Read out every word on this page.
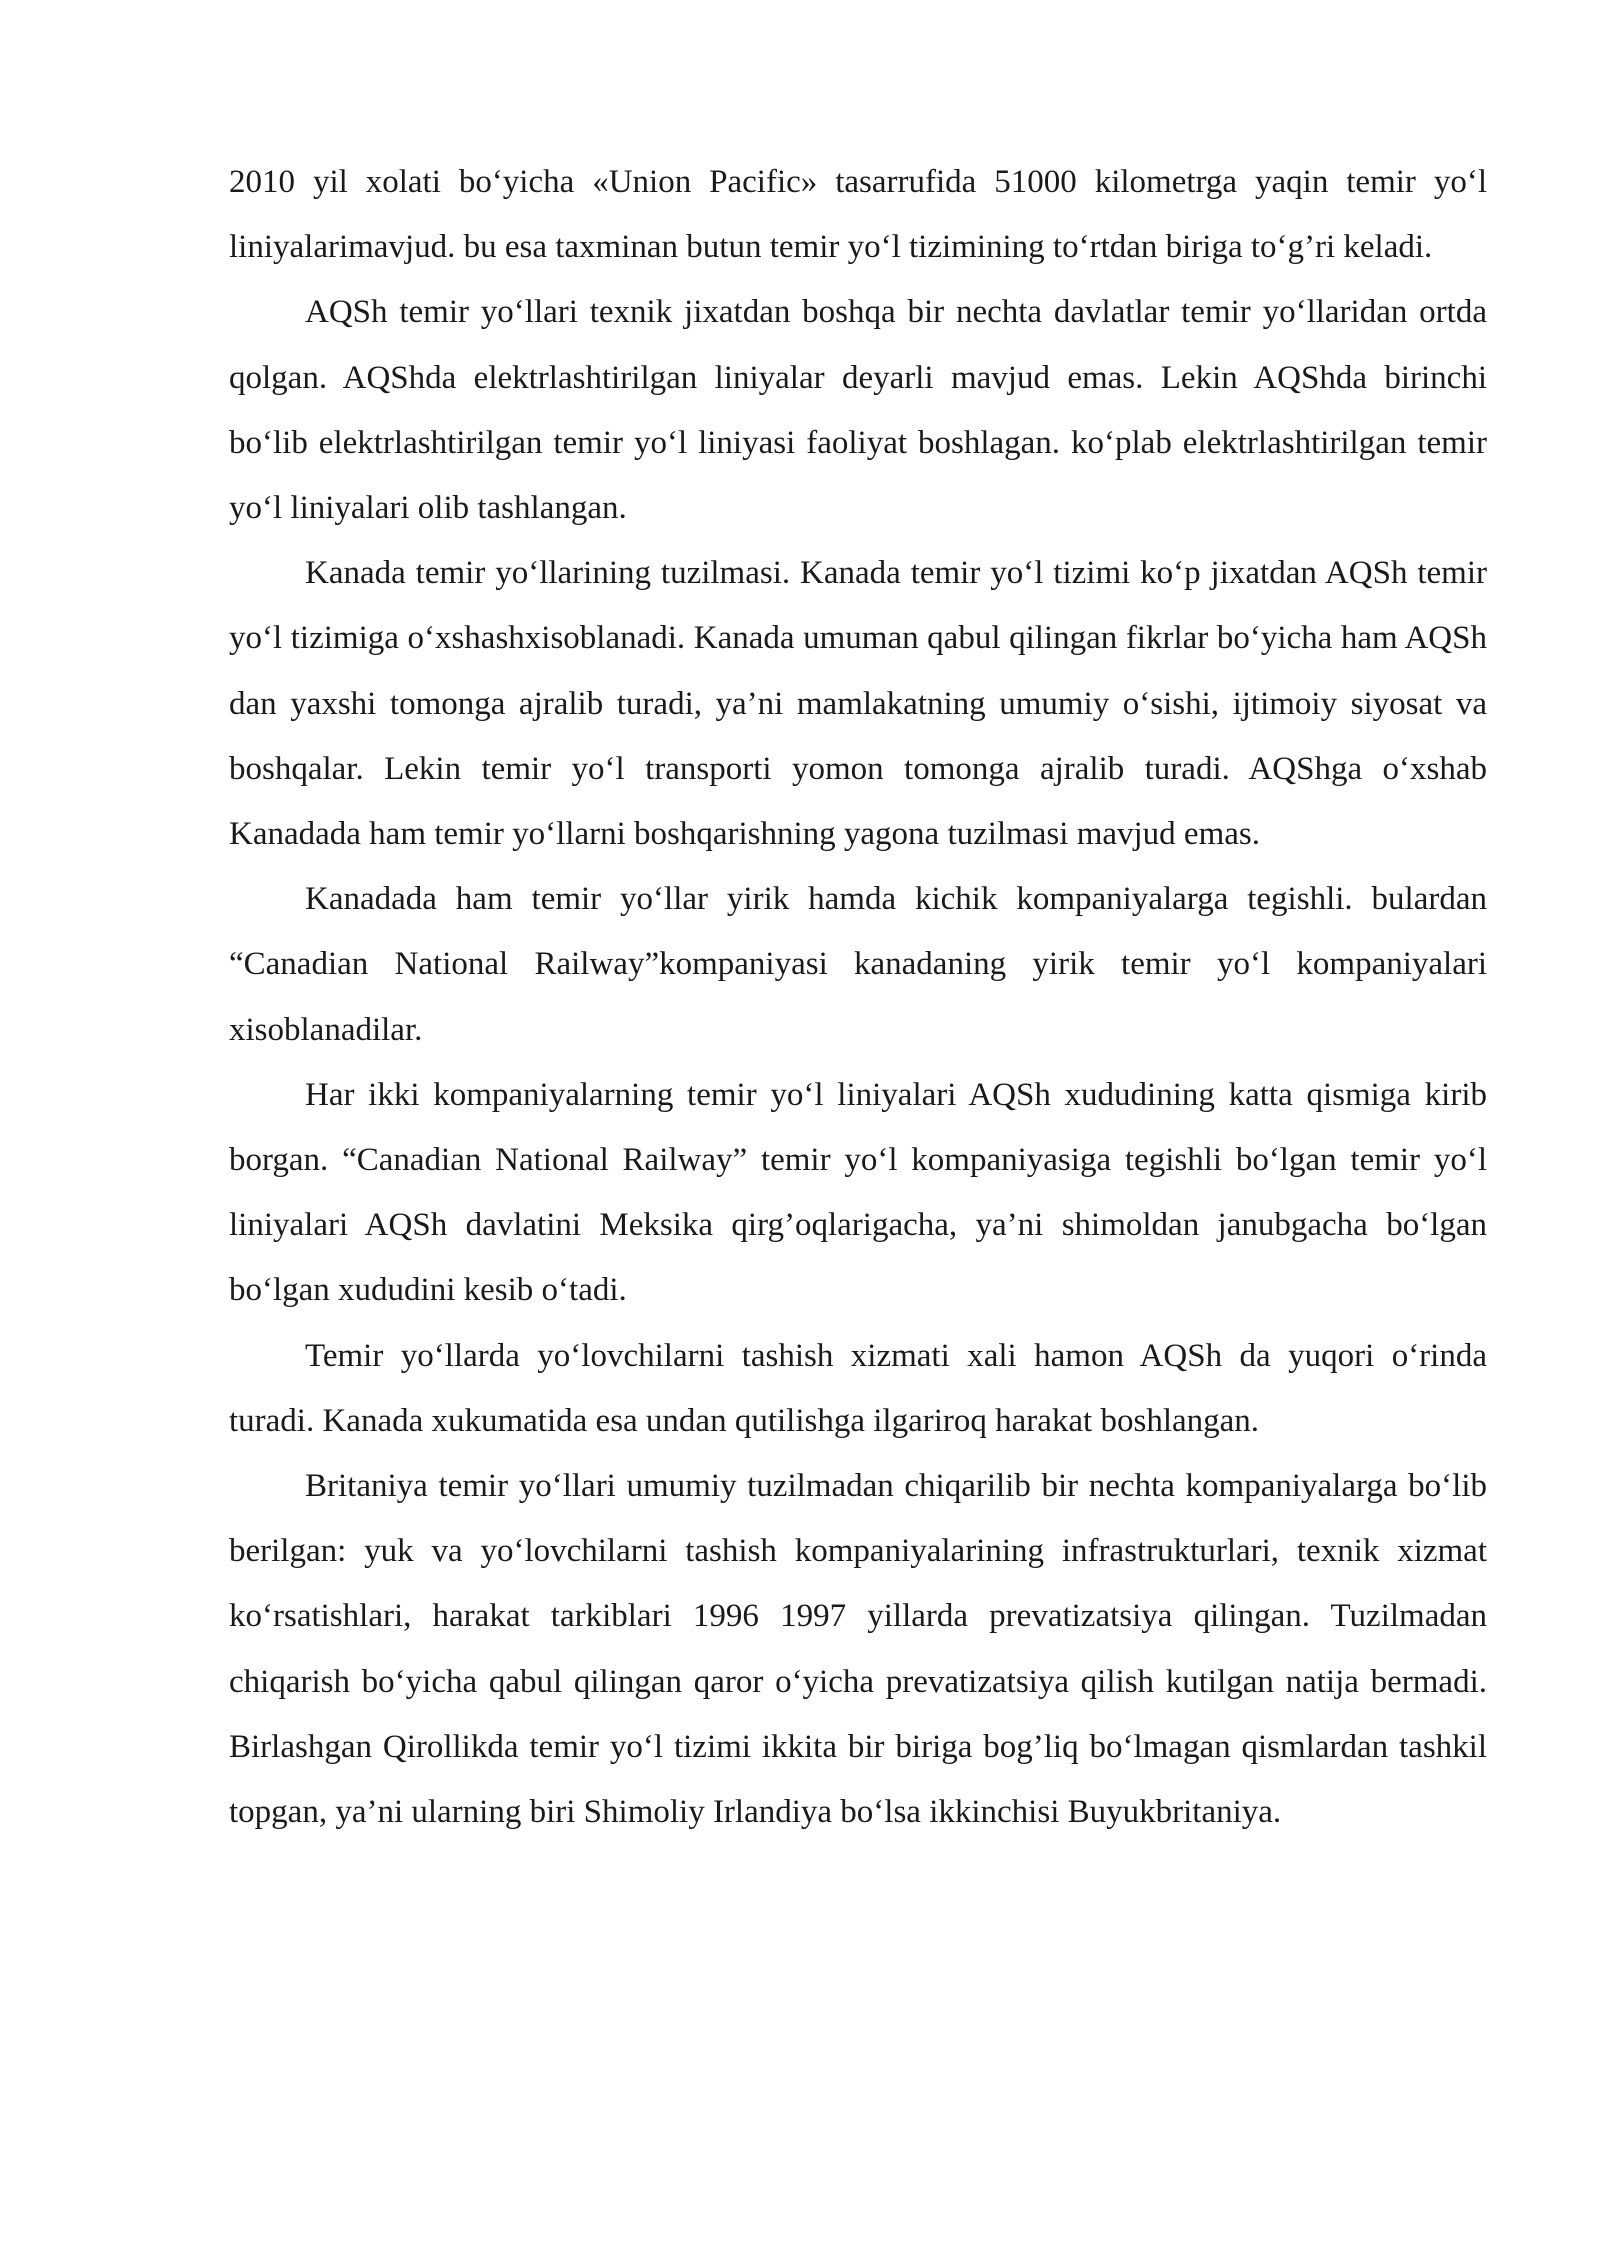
2010 yil xolati bo‘yicha «Union Pacific» tasarrufida 51000 kilometrga yaqin temir yo‘l liniyalarimavjud. bu esa taxminan butun temir yo‘l tizimining to‘rtdan biriga to‘g’ri keladi.

AQSh temir yo‘llari texnik jixatdan boshqa bir nechta davlatlar temir yo‘llaridan ortda qolgan. AQShda elektrlashtirilgan liniyalar deyarli mavjud emas. Lekin AQShda birinchi bo‘lib elektrlashtirilgan temir yo‘l liniyasi faoliyat boshlagan. ko‘plab elektrlashtirilgan temir yo‘l liniyalari olib tashlangan.

Kanada temir yo‘llarining tuzilmasi. Kanada temir yo‘l tizimi ko‘p jixatdan AQSh temir yo‘l tizimiga o‘xshashxisoblanadi. Kanada umuman qabul qilingan fikrlar bo‘yicha ham AQSh dan yaxshi tomonga ajralib turadi, ya’ni mamlakatning umumiy o‘sishi, ijtimoiy siyosat va boshqalar. Lekin temir yo‘l transporti yomon tomonga ajralib turadi. AQShga o‘xshab Kanadada ham temir yo‘llarni boshqarishning yagona tuzilmasi mavjud emas.

Kanadada ham temir yo‘llar yirik hamda kichik kompaniyalarga tegishli. bulardan “Canadian National Railway”kompaniyasi kanadaning yirik temir yo‘l kompaniyalari xisoblanadilar.

Har ikki kompaniyalarning temir yo‘l liniyalari AQSh xududining katta qismiga kirib borgan. “Canadian National Railway” temir yo‘l kompaniyasiga tegishli bo‘lgan temir yo‘l liniyalari AQSh davlatini Meksika qirg’oqlarigacha, ya’ni shimoldan janubgacha bo‘lgan bo‘lgan xududini kesib o‘tadi.

Temir yo‘llarda yo‘lovchilarni tashish xizmati xali hamon AQSh da yuqori o‘rinda turadi. Kanada xukumatida esa undan qutilishga ilgariroq harakat boshlangan.

Britaniya temir yo‘llari umumiy tuzilmadan chiqarilib bir nechta kompaniyalarga bo‘lib berilgan: yuk va yo‘lovchilarni tashish kompaniyalarining infrastrukturlari, texnik xizmat ko‘rsatishlari, harakat tarkiblari 1996 1997 yillarda prevatizatsiya qilingan. Tuzilmadan chiqarish bo‘yicha qabul qilingan qaror o‘yicha prevatizatsiya qilish kutilgan natija bermadi. Birlashgan Qirollikda temir yo‘l tizimi ikkita bir biriga bog’liq bo‘lmagan qismlardan tashkil topgan, ya’ni ularning biri Shimoliy Irlandiya bo‘lsa ikkinchisi Buyukbritaniya.
